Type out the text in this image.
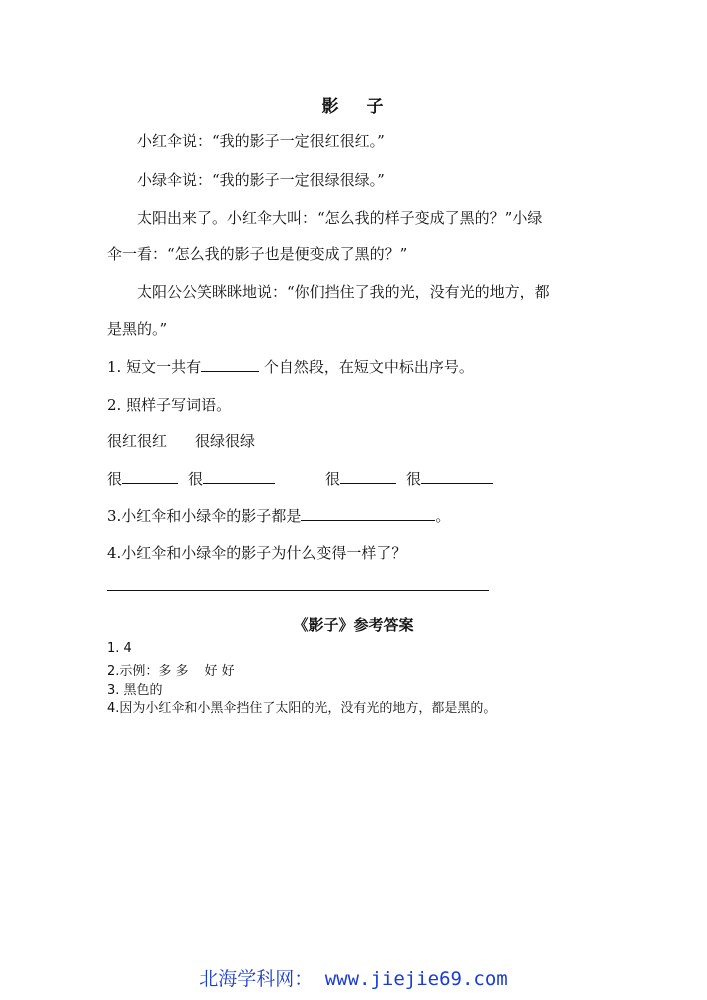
影 子
小红伞说：“我的影子一定很红很红。”
小绿伞说：“我的影子一定很绿很绿。”
太阳出来了。小红伞大叫：“怎么我的样子变成了黑的？”小绿
伞一看：“怎么我的影子也是便变成了黑的？”
太阳公公笑眯眯地说：“你们挡住了我的光，没有光的地方，都
是黑的。”
1. 短文一共有	个自然段，在短文中标出序号。
2. 照样子写词语。
很红很红 很绿很绿
很	很	很	很
3.小红伞和小绿伞的影子都是	。
4.小红伞和小绿伞的影子为什么变得一样了？
《影子》参考答案
1. 4
2.示例：多 多 好 好
3. 黑色的
4.因为小红伞和小黑伞挡住了太阳的光，没有光的地方，都是黑的。
北海学科网： www.jiejie69.com
